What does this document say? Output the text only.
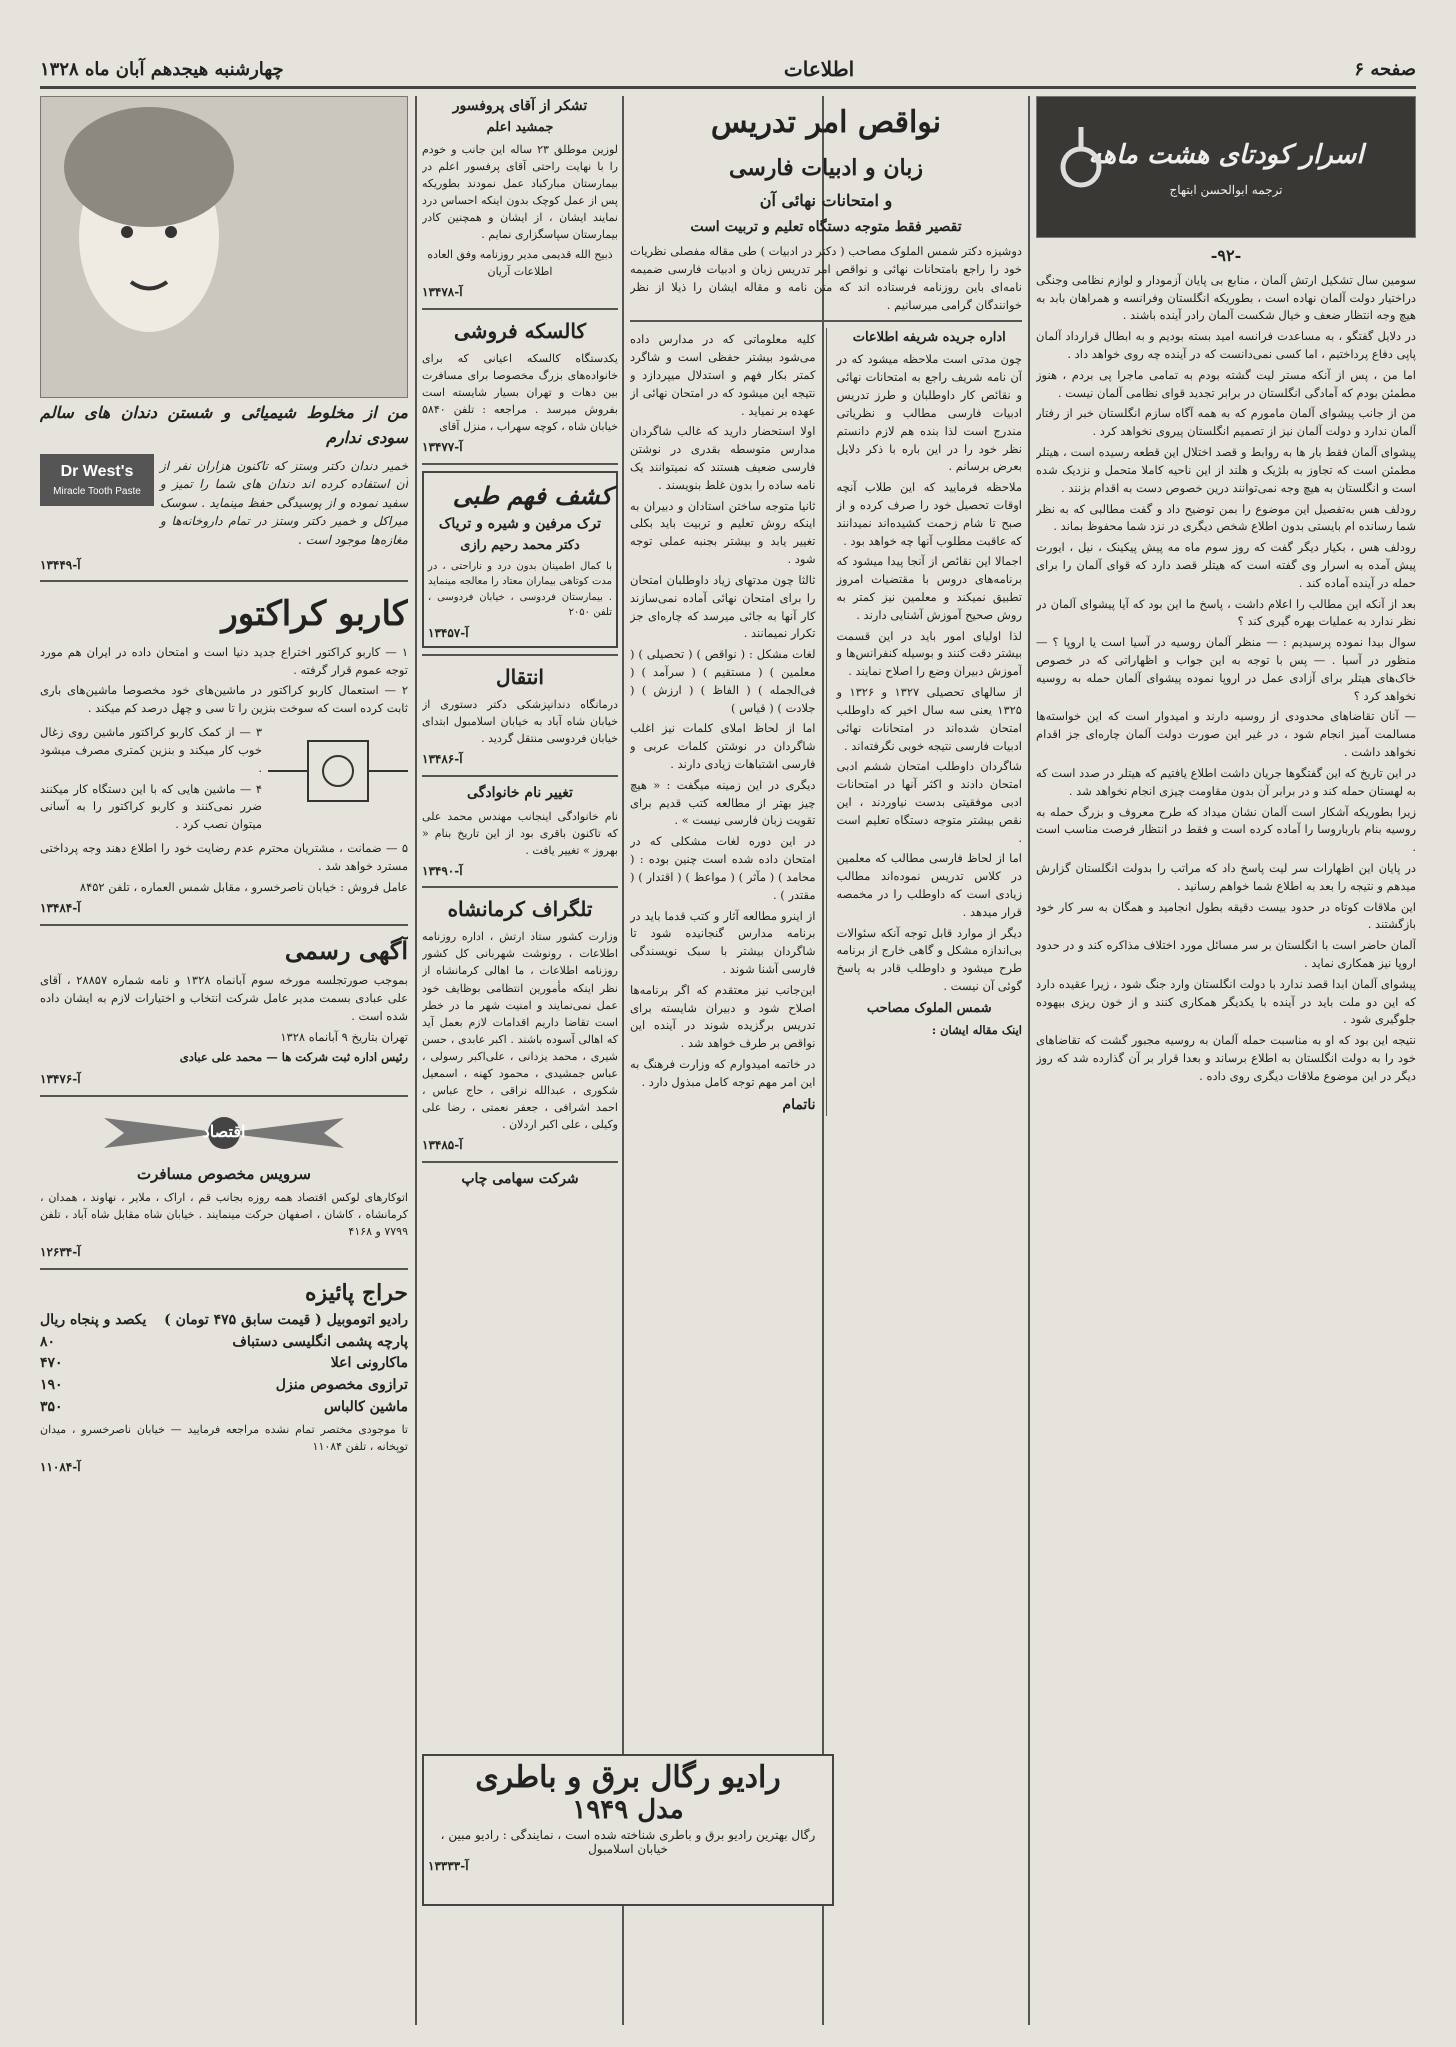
صفحه ۶
اطلاعات
چهارشنبه هیجدهم آبان ماه ۱۳۲۸
اسرار کودتای هشت ماهه
ترجمه ابوالحسن ابتهاج
-۹۲-
سومین سال تشکیل ارتش آلمان ، منابع بی پایان آزمودار و لوازم نظامی وجنگی دراختیار دولت آلمان نهاده است ، بطوریکه انگلستان وفرانسه و همراهان بابد به هیچ وجه انتظار ضعف و خیال شکست آلمان رادر آینده باشند .
در دلایل گفتگو ، به مساعدت فرانسه امید بسته بودیم و به ابطال قرارداد آلمان پاپی دفاع پرداختیم ، اما کسی نمی‌دانست که در آینده چه روی خواهد داد .
اما من ، پس از آنکه مستر لیت گشته بودم به تمامی ماجرا پی بردم ، هنوز مطمئن بودم که آمادگی انگلستان در برابر تجدید قوای نظامی آلمان نیست .
من از جانب پیشوای آلمان مامورم که به همه آگاه سازم انگلستان خبر از رفتار آلمان ندارد و دولت آلمان نیز از تصمیم انگلستان پیروی نخواهد کرد .
پیشوای آلمان فقط بار ها به روابط و قصد اختلال این قطعه رسیده است ، هیتلر مطمئن است که تجاوز به بلژیک و هلند از این ناحیه کاملا متحمل و نزدیک شده است و انگلستان به هیچ وجه نمی‌توانند درین خصوص دست به اقدام بزنند .
رودلف هس به‌تفصیل این موضوع را بمن توضیح داد و گفت مطالبی که به نظر شما رسانده ام بایستی بدون اطلاع شخص دیگری در نزد شما محفوظ بماند .
رودلف هس ، بکیار دیگر گفت که روز سوم ماه مه پیش پیکینک ، نیل ، ایورت پیش آمده به اسرار وی گفته است که هیتلر قصد دارد که قوای آلمان را برای حمله در آینده آماده کند .
بعد از آنکه این مطالب را اعلام داشت ، پاسخ ما این بود که آیا پیشوای آلمان در نظر ندارد به عملیات بهره گیری کند ؟
سوال بیدا نموده پرسیدیم : — منظر آلمان روسیه در آسیا است یا اروپا ؟ — منظور در آسیا . — پس با توجه به این جواب و اظهاراتی که در خصوص خاک‌های هیتلر برای آزادی عمل در اروپا نموده پیشوای آلمان حمله به روسیه نخواهد کرد ؟
— آنان تقاضاهای محدودی از روسیه دارند و امیدوار است که این خواسته‌ها مسالمت آمیز انجام شود ، در غیر این صورت دولت آلمان چاره‌ای جز اقدام نخواهد داشت .
در این تاریخ که این گفتگوها جریان داشت اطلاع یافتیم که هیتلر در صدد است که به لهستان حمله کند و در برابر آن بدون مقاومت چیزی انجام نخواهد شد .
زیرا بطوریکه آشکار است آلمان نشان میداد که طرح معروف و بزرگ حمله به روسیه بنام بارباروسا را آماده کرده است و فقط در انتظار فرصت مناسب است .
در پایان این اظهارات سر لیت پاسخ داد که مراتب را بدولت انگلستان گزارش میدهم و نتیجه را بعد به اطلاع شما خواهم رسانید .
این ملاقات کوتاه در حدود بیست دقیقه بطول انجامید و همگان به سر کار خود بازگشتند .
آلمان حاضر است با انگلستان بر سر مسائل مورد اختلاف مذاکره کند و در حدود اروپا نیز همکاری نماید .
پیشوای آلمان ابدا قصد ندارد با دولت انگلستان وارد جنگ شود ، زیرا عقیده دارد که این دو ملت باید در آینده با یکدیگر همکاری کنند و از خون ریزی بیهوده جلوگیری شود .
نتیجه این بود که او به مناسبت حمله آلمان به روسیه مجبور گشت که تقاضاهای خود را به دولت انگلستان به اطلاع برساند و بعدا قرار بر آن گذارده شد که روز دیگر در این موضوع ملاقات دیگری روی داده .
نواقص امر تدریس
زبان و ادبیات فارسی
و امتحانات نهائی آن
تقصیر فقط متوجه دستگاه تعلیم و تربیت است
دوشیزه دکتر شمس الملوک مصاحب ( دکتر در ادبیات ) طی مقاله مفصلی نظریات خود را راجع بامتحانات نهائی و نواقص امر تدریس زبان و ادبیات فارسی ضمیمه نامه‌ای باین روزنامه فرستاده اند که متن نامه و مقاله ایشان را ذیلا از نظر خوانندگان گرامی میرسانیم .
اداره جریده شریفه اطلاعات
چون مدتی است ملاحظه میشود که در آن نامه شریف راجع به امتحانات نهائی و نقائص کار داوطلبان و طرز تدریس ادبیات فارسی مطالب و نظریاتی مندرج است لذا بنده هم لازم دانستم نظر خود را در این باره با ذکر دلایل بعرض برسانم .
ملاحظه فرمایید که این طلاب آنچه اوقات تحصیل خود را صرف کرده و از صبح تا شام زحمت کشیده‌اند نمیدانند که عاقبت مطلوب آنها چه خواهد بود .
اجمالا این نقائص از آنجا پیدا میشود که برنامه‌های دروس با مقتضیات امروز تطبیق نمیکند و معلمین نیز کمتر به روش صحیح آموزش آشنایی دارند .
لذا اولیای امور باید در این قسمت بیشتر دقت کنند و بوسیله کنفرانس‌ها و آموزش دبیران وضع را اصلاح نمایند .
از سالهای تحصیلی ۱۳۲۷ و ۱۳۲۶ و ۱۳۲۵ یعنی سه سال اخیر که داوطلب امتحان شده‌اند در امتحانات نهائی ادبیات فارسی نتیجه خوبی نگرفته‌اند .
شاگردان داوطلب امتحان ششم ادبی امتحان دادند و اکثر آنها در امتحانات ادبی موفقیتی بدست نیاوردند ، این نقص بیشتر متوجه دستگاه تعلیم است .
اما از لحاظ فارسی مطالب که معلمین در کلاس تدریس نموده‌اند مطالب زیادی است که داوطلب را در مخمصه قرار میدهد .
دیگر از موارد قابل توجه آنکه سئوالات بی‌اندازه مشکل و گاهی خارج از برنامه طرح میشود و داوطلب قادر به پاسخ گوئی آن نیست .
شمس الملوک مصاحب
اینک مقاله ایشان :
کلیه معلوماتی که در مدارس داده می‌شود بیشتر حفظی است و شاگرد کمتر بکار فهم و استدلال میپردازد و نتیجه این میشود که در امتحان نهائی از عهده بر نمیاید .
اولا استحضار دارید که غالب شاگردان مدارس متوسطه بقدری در نوشتن فارسی ضعیف هستند که نمیتوانند یک نامه ساده را بدون غلط بنویسند .
ثانیا متوجه ساختن استادان و دبیران به اینکه روش تعلیم و تربیت باید بکلی تغییر یابد و بیشتر بجنبه عملی توجه شود .
ثالثا چون مدتهای زیاد داوطلبان امتحان را برای امتحان نهائی آماده نمی‌سازند کار آنها به جائی میرسد که چاره‌ای جز تکرار نمیمانند .
لغات مشکل : ( نواقص ) ( تحصیلی ) ( معلمین ) ( مستقیم ) ( سرآمد ) ( فی‌الجمله ) ( الفاظ ) ( ارزش ) ( جلادت ) ( قیاس )
اما از لحاظ املای کلمات نیز اغلب شاگردان در نوشتن کلمات عربی و فارسی اشتباهات زیادی دارند .
دیگری در این زمینه میگفت : « هیچ چیز بهتر از مطالعه کتب قدیم برای تقویت زبان فارسی نیست » .
در این دوره لغات مشکلی که در امتحان داده شده است چنین بوده : ( محامد ) ( مآثر ) ( مواعظ ) ( اقتدار ) ( مقتدر ) .
از اینرو مطالعه آثار و کتب قدما باید در برنامه مدارس گنجانیده شود تا شاگردان بیشتر با سبک نویسندگی فارسی آشنا شوند .
این‌جانب نیز معتقدم که اگر برنامه‌ها اصلاح شود و دبیران شایسته برای تدریس برگزیده شوند در آینده این نواقص بر طرف خواهد شد .
در خاتمه امیدوارم که وزارت فرهنگ به این امر مهم توجه کامل مبذول دارد .
ناتمام
تشکر از آقای پروفسور
جمشید اعلم
لوزین موطلق ۲۳ ساله این جانب و خودم را با نهایت راحتی آقای پرفسور اعلم در بیمارستان مبارکباد عمل نمودند بطوریکه پس از عمل کوچک بدون اینکه احساس درد نمایند ایشان ، از ایشان و همچنین کادر بیمارستان سپاسگزاری نمایم .
ذبیح الله قدیمی مدیر روزنامه وفق العاده اطلاعات آریان
آ-۱۳۴۷۸
کالسکه فروشی
یکدستگاه کالسکه اعیانی که برای خانواده‌های بزرگ مخصوصا برای مسافرت بین دهات و تهران بسیار شایسته است بفروش میرسد . مراجعه : تلفن ۵۸۴۰ خیابان شاه ، کوچه سهراب ، منزل آقای
آ-۱۳۴۷۷
کشف فهم طبی
ترک مرفین و شیره و تریاک
دکتر محمد رحیم رازی
با کمال اطمینان بدون درد و ناراحتی ، در مدت کوتاهی بیماران معتاد را معالجه مینماید . بیمارستان فردوسی ، خیابان فردوسی ، تلفن ۲۰۵۰
آ-۱۳۴۵۷
انتقال
درمانگاه دندانپزشکی دکتر دستوری از خیابان شاه آباد به خیابان اسلامبول ابتدای خیابان فردوسی منتقل گردید .
آ-۱۳۴۸۶
تغییر نام خانوادگی
نام خانوادگی اینجانب مهندس محمد علی که تاکنون باقری بود از این تاریخ بنام « بهروز » تغییر یافت .
آ-۱۳۴۹۰
تلگراف کرمانشاه
وزارت کشور ستاد ارتش ، اداره روزنامه اطلاعات ، رونوشت شهربانی کل کشور روزنامه اطلاعات ، ما اهالی کرمانشاه از نظر اینکه مأمورین انتظامی بوظایف خود عمل نمی‌نمایند و امنیت شهر ما در خطر است تقاضا داریم اقدامات لازم بعمل آید که اهالی آسوده باشند . اکبر عابدی ، حسن شیری ، محمد یزدانی ، علی‌اکبر رسولی ، عباس جمشیدی ، محمود کهنه ، اسمعیل شکوری ، عبدالله نراقی ، حاج عباس ، احمد اشرافی ، جعفر نعمتی ، رضا علی وکیلی ، علی اکبر اردلان .
آ-۱۳۴۸۵
شرکت سهامی چاپ
رادیو رگال برق و باطری
مدل ۱۹۴۹
رگال بهترین رادیو برق و باطری شناخته شده است ، نمایندگی : رادیو مبین ، خیابان اسلامبول
آ-۱۳۳۳۳
من از مخلوط شیمیائی و شستن دندان های سالم سودی ندارم
خمیر دندان دکتر وستز که تاکنون هزاران نفر از آن استفاده کرده اند دندان های شما را تمیز و سفید نموده و از پوسیدگی حفظ مینماید . سوسک میراکل و خمیر دکتر وستز در تمام داروخانه‌ها و مغازه‌ها موجود است .
Dr West's
Miracle Tooth Paste
آ-۱۳۴۴۹
کاربو کراکتور
۱ — کاربو کراکتور اختراع جدید دنیا است و امتحان داده در ایران هم مورد توجه عموم قرار گرفته .
۲ — استعمال کاربو کراکتور در ماشین‌های خود مخصوصا ماشین‌های باری ثابت کرده است که سوخت بنزین را تا سی و چهل درصد کم میکند .
۳ — از کمک کاربو کراکتور ماشین روی زغال خوب کار میکند و بنزین کمتری مصرف میشود .
۴ — ماشین هایی که با این دستگاه کار میکنند ضرر نمی‌کنند و کاربو کراکتور را به آسانی میتوان نصب کرد .
۵ — ضمانت ، مشتریان محترم عدم رضایت خود را اطلاع دهند وجه پرداختی مسترد خواهد شد .
عامل فروش : خیابان ناصرخسرو ، مقابل شمس العماره ، تلفن ۸۴۵۲
آ-۱۳۴۸۴
آگهی رسمی
بموجب صورتجلسه مورخه سوم آبانماه ۱۳۲۸ و نامه شماره ۲۸۸۵۷ ، آقای علی عبادی بسمت مدیر عامل شرکت انتخاب و اختیارات لازم به ایشان داده شده است .
تهران بتاریخ ۹ آبانماه ۱۳۲۸
رئیس اداره ثبت شرکت ها — محمد علی عبادی
آ-۱۳۴۷۶
اقتصاد
سرویس مخصوص مسافرت
اتوکارهای لوکس اقتصاد همه روزه بجانب قم ، اراک ، ملایر ، نهاوند ، همدان ، کرمانشاه ، کاشان ، اصفهان حرکت مینمایند . خیابان شاه مقابل شاه آباد ، تلفن ۷۷۹۹ و ۴۱۶۸
آ-۱۲۶۳۴
حراج پائیزه
رادیو اتوموبیل ( قیمت سابق ۴۷۵ تومان )
یکصد و پنجاه ریال
پارچه پشمی انگلیسی دستباف
۸۰
ماکارونی اعلا
۴۷۰
ترازوی مخصوص منزل
۱۹۰
ماشین کالباس
۳۵۰
تا موجودی مختصر تمام نشده مراجعه فرمایید — خیابان ناصرخسرو ، میدان توپخانه ، تلفن ۱۱۰۸۴
آ-۱۱۰۸۴
